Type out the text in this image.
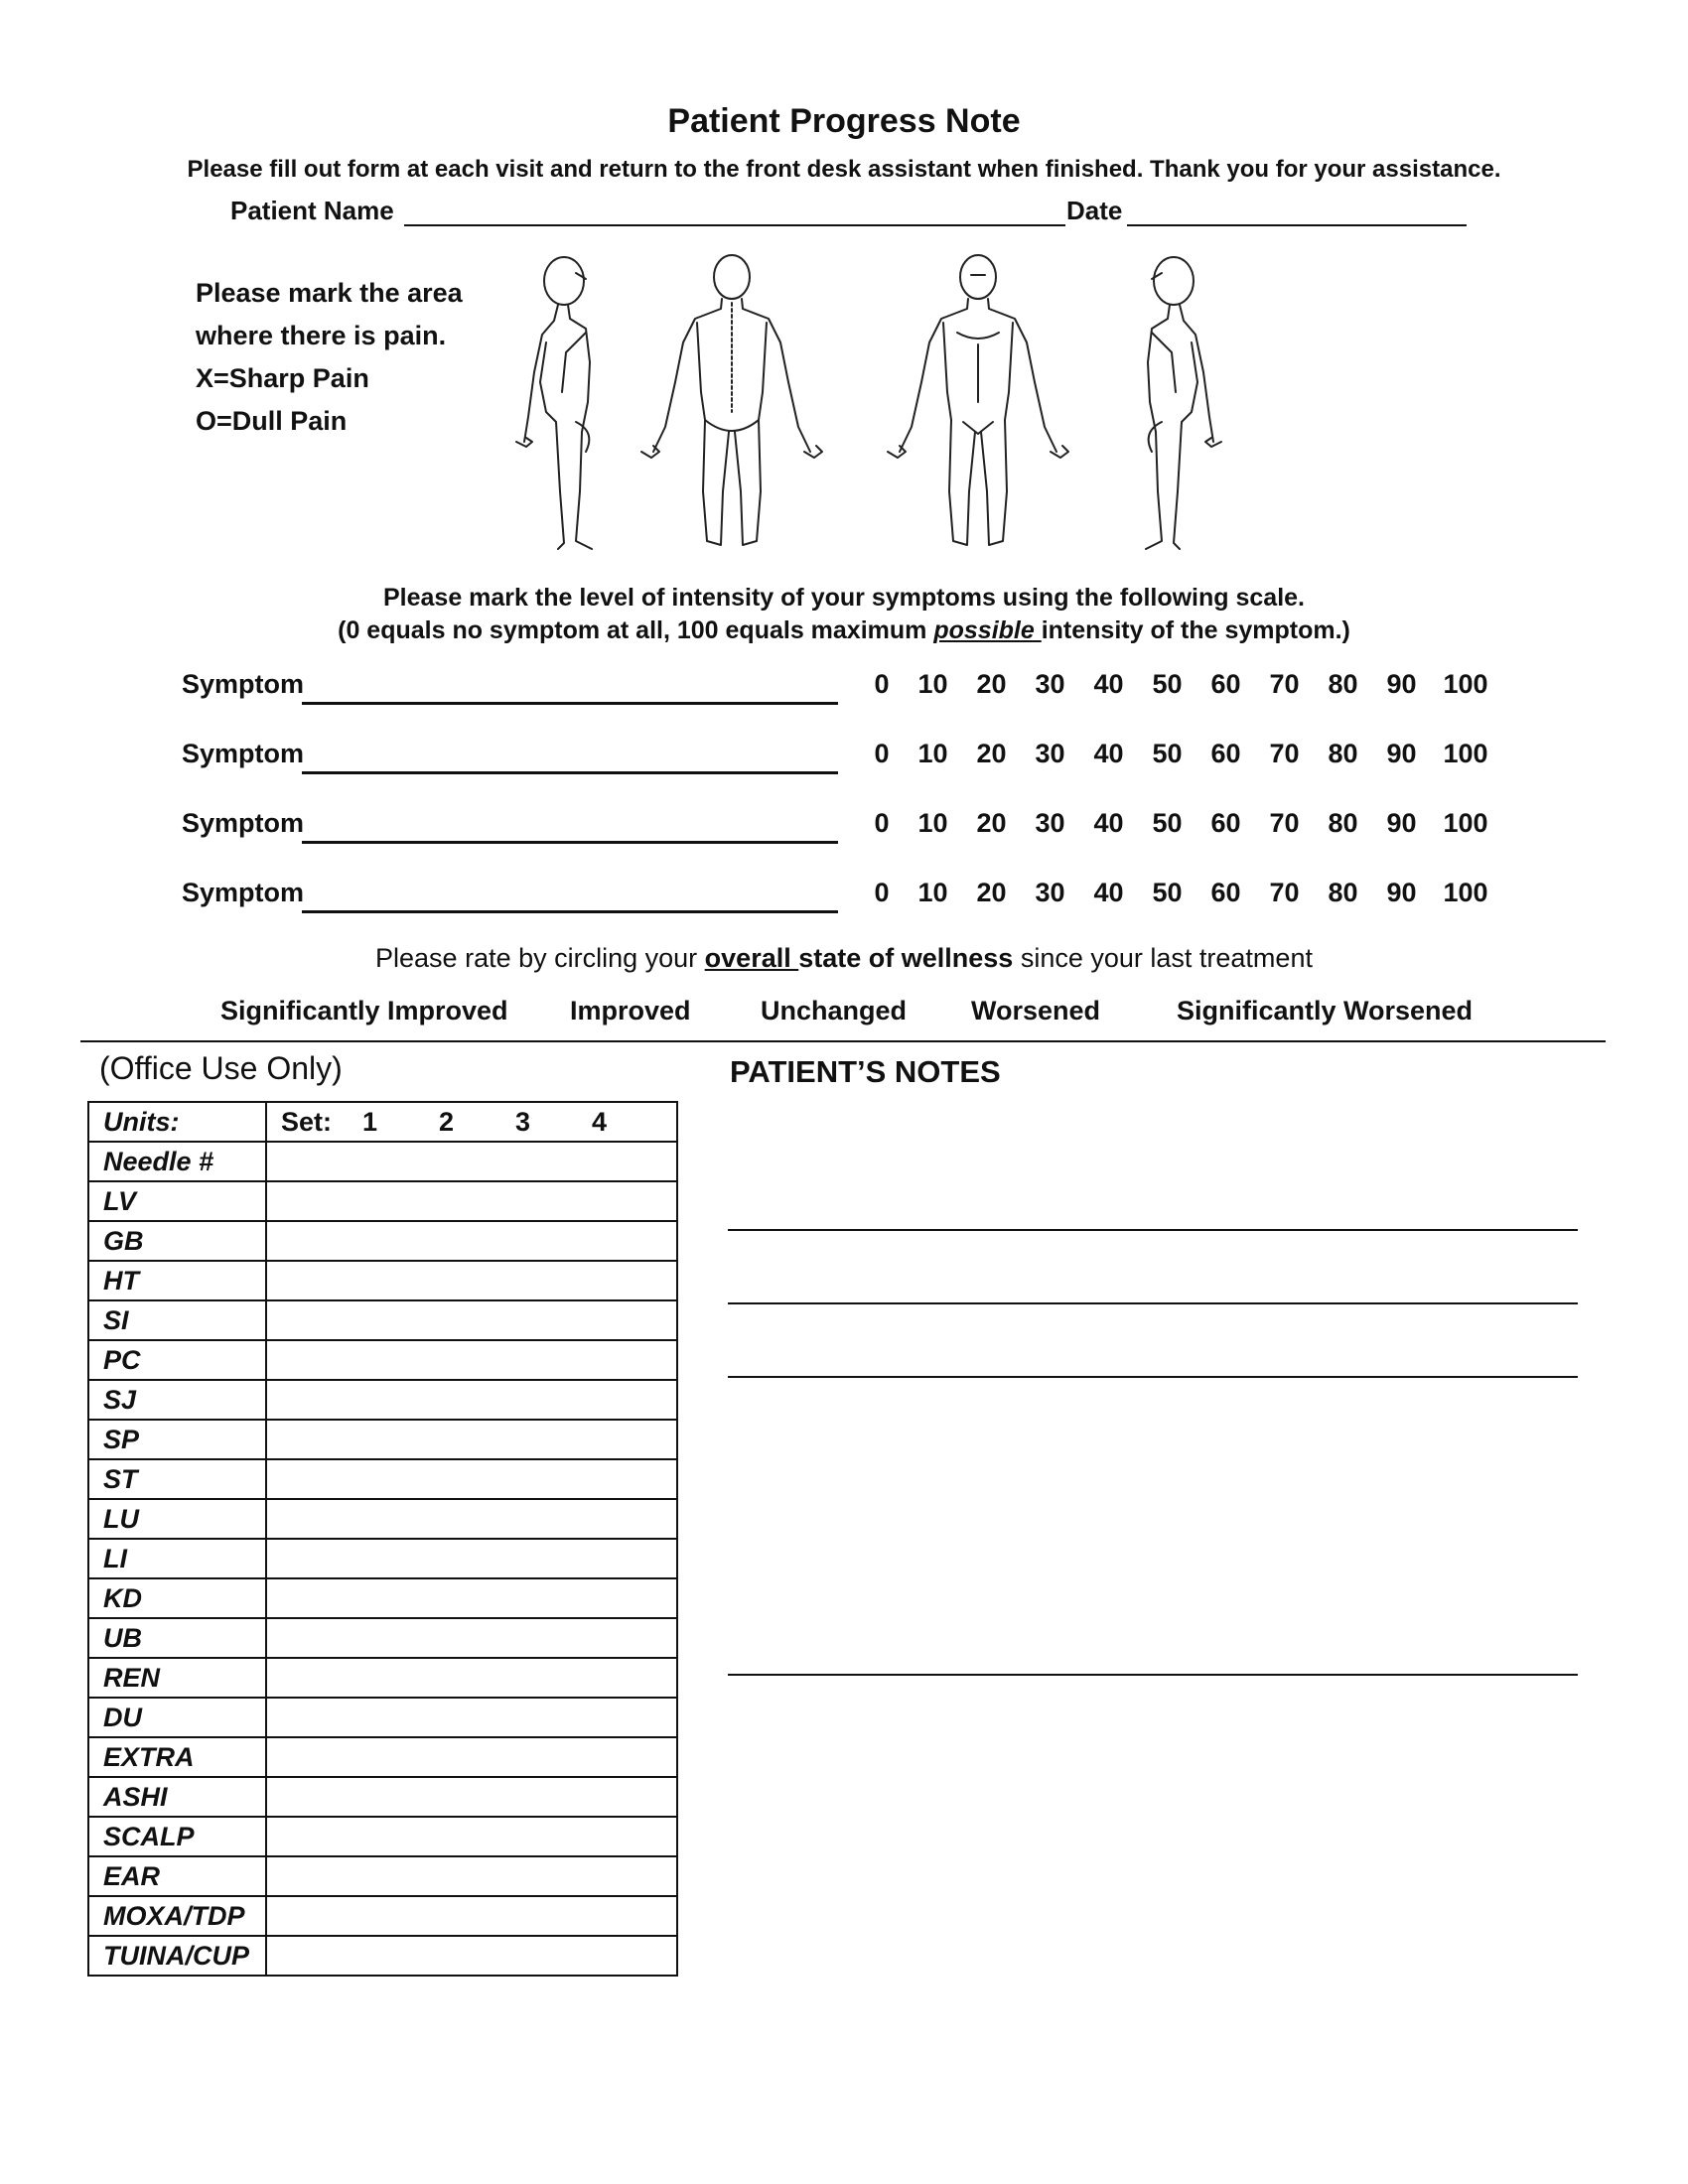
Patient Progress Note
Please fill out form at each visit and return to the front desk assistant when finished. Thank you for your assistance.
Patient Name	Date
Please mark the area
where there is pain.
X=Sharp Pain
O=Dull Pain
Please mark the level of intensity of your symptoms using the following scale.
(0 equals no symptom at all, 100 equals maximum possible intensity of the symptom.)
Symptom	0	10	20	30	40	50	60	70	80	90 100
Symptom	0	10	20	30	40	50	60	70	80	90 100
Symptom	0	10	20	30	40	50	60	70	80	90 100
Symptom	0	10	20	30	40	50	60	70	80	90 100
Please rate by circling your overall state of wellness since your last treatment
Significantly Improved Improved	Unchanged Worsened	Significantly Worsened
(Office Use Only)	PATIENT’S NOTES
Units:	Set: 1 2 3 4

Needle #	
LV	
GB	
HT	
SI	
PC	
SJ	
SP	
ST	
LU	
LI	
KD	
UB	
REN	
DU	
EXTRA	
ASHI	
SCALP	
EAR	
MOXA/TDP	
TUINA/CUP	
